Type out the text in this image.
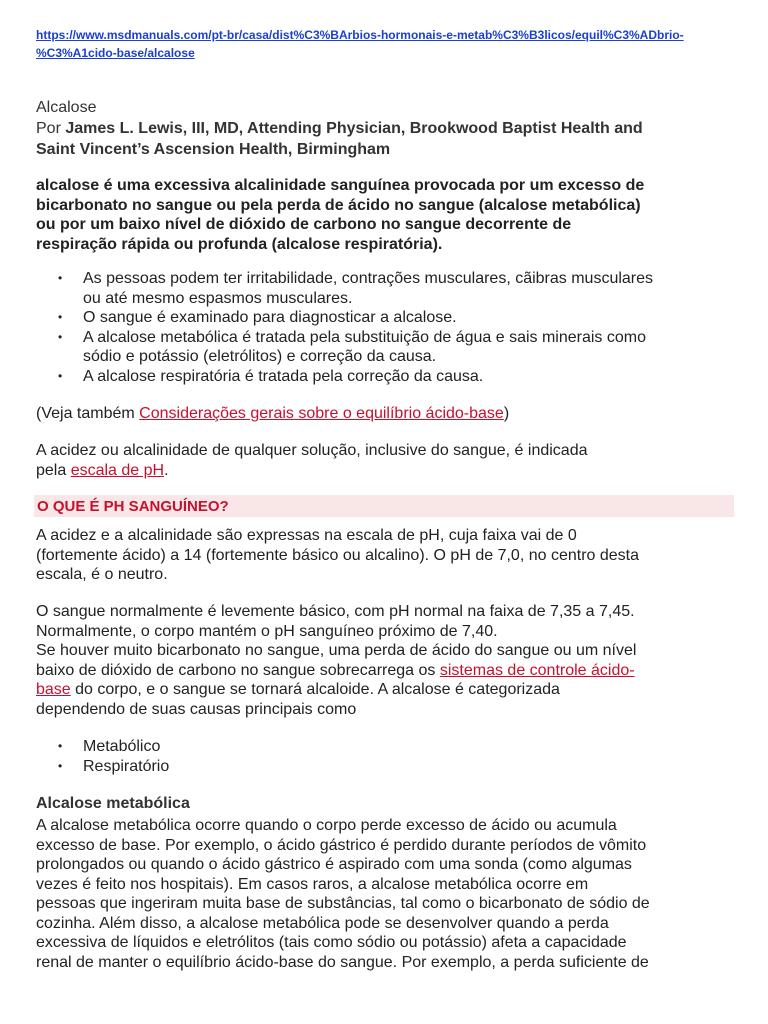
https://www.msdmanuals.com/pt-br/casa/dist%C3%BArbios-hormonais-e-metab%C3%B3licos/equil%C3%ADbrio-
%C3%A1cido-base/alcalose
Alcalose
Por James L. Lewis, III, MD, Attending Physician, Brookwood Baptist Health and
Saint Vincent’s Ascension Health, Birmingham
alcalose é uma excessiva alcalinidade sanguínea provocada por um excesso de
bicarbonato no sangue ou pela perda de ácido no sangue (alcalose metabólica)
ou por um baixo nível de dióxido de carbono no sangue decorrente de
respiração rápida ou profunda (alcalose respiratória).
• As pessoas podem ter irritabilidade, contrações musculares, cãibras musculares
ou até mesmo espasmos musculares.
• O sangue é examinado para diagnosticar a alcalose.
• A alcalose metabólica é tratada pela substituição de água e sais minerais como
sódio e potássio (eletrólitos) e correção da causa.
• A alcalose respiratória é tratada pela correção da causa.
(Veja também Considerações gerais sobre o equilíbrio ácido-base)
A acidez ou alcalinidade de qualquer solução, inclusive do sangue, é indicada
pela escala de pH.
O QUE É PH SANGUÍNEO?
A acidez e a alcalinidade são expressas na escala de pH, cuja faixa vai de 0
(fortemente ácido) a 14 (fortemente básico ou alcalino). O pH de 7,0, no centro desta
escala, é o neutro.
O sangue normalmente é levemente básico, com pH normal na faixa de 7,35 a 7,45.
Normalmente, o corpo mantém o pH sanguíneo próximo de 7,40.
Se houver muito bicarbonato no sangue, uma perda de ácido do sangue ou um nível
baixo de dióxido de carbono no sangue sobrecarrega os sistemas de controle ácido-
base do corpo, e o sangue se tornará alcaloide. A alcalose é categorizada
dependendo de suas causas principais como
• Metabólico
• Respiratório
Alcalose metabólica
A alcalose metabólica ocorre quando o corpo perde excesso de ácido ou acumula
excesso de base. Por exemplo, o ácido gástrico é perdido durante períodos de vômito
prolongados ou quando o ácido gástrico é aspirado com uma sonda (como algumas
vezes é feito nos hospitais). Em casos raros, a alcalose metabólica ocorre em
pessoas que ingeriram muita base de substâncias, tal como o bicarbonato de sódio de
cozinha. Além disso, a alcalose metabólica pode se desenvolver quando a perda
excessiva de líquidos e eletrólitos (tais como sódio ou potássio) afeta a capacidade
renal de manter o equilíbrio ácido-base do sangue. Por exemplo, a perda suficiente de
